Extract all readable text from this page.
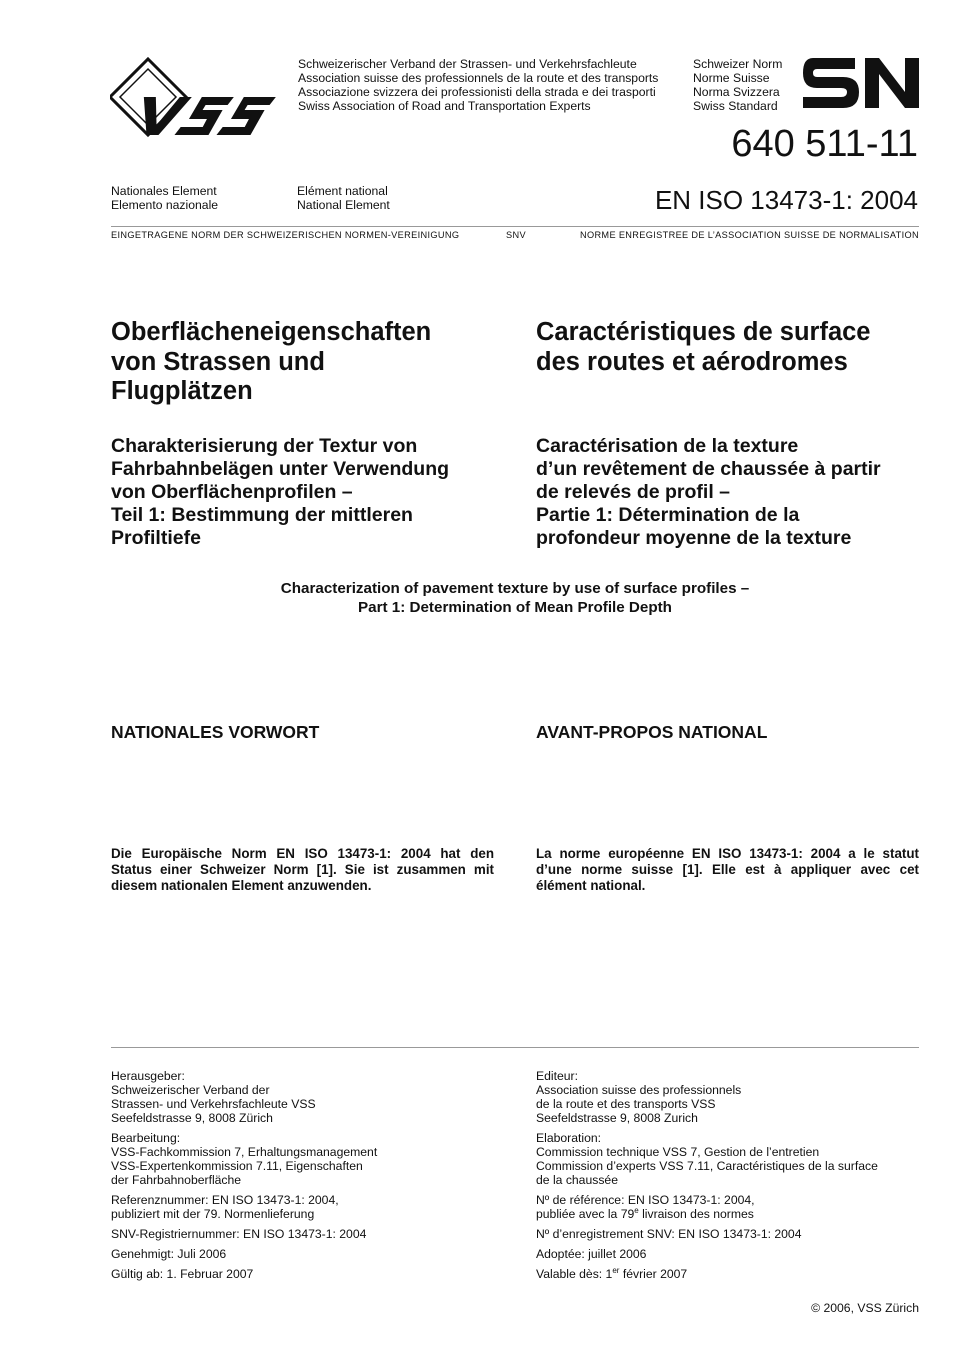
Schweizerischer Verband der Strassen- und Verkehrsfachleute
Association suisse des professionnels de la route et des transports
Associazione svizzera dei professionisti della strada e dei trasporti
Swiss Association of Road and Transportation Experts
Schweizer Norm
Norme Suisse
Norma Svizzera
Swiss Standard
640 511-11
Nationales Element
Elemento nazionale
Elément national
National Element	EN ISO 13473-1: 2004
EINGETRAGENE NORM DER SCHWEIZERISCHEN NORMEN-VEREINIGUNG	SNV	NORME ENREGISTREE DE L’ASSOCIATION SUISSE DE NORMALISATION
Oberflächeneigenschaften
von Strassen und
Flugplätzen
Caractéristiques de surface
des routes et aérodromes
Charakterisierung der Textur von
Fahrbahnbelägen unter Verwendung
von Oberflächenprofilen –
Teil 1: Bestimmung der mittleren
Profiltiefe
Caractérisation de la texture
d’un revêtement de chaussée à partir
de relevés de profil –
Partie 1: Détermination de la
profondeur moyenne de la texture
Characterization of pavement texture by use of surface profiles –
Part 1: Determination of Mean Profile Depth
NATIONALES VORWORT	AVANT-PROPOS NATIONAL
Die Europäische Norm EN ISO 13473-1: 2004 hat den
Status einer Schweizer Norm [1]. Sie ist zusammen mit
diesem nationalen Element anzuwenden.
La norme européenne EN ISO 13473-1: 2004 a le statut
d’une norme suisse [1]. Elle est à appliquer avec cet
élément national.
Herausgeber:
Schweizerischer Verband der
Strassen- und Verkehrsfachleute VSS
Seefeldstrasse 9, 8008 Zürich
Bearbeitung:
VSS-Fachkommission 7, Erhaltungsmanagement
VSS-Expertenkommission 7.11, Eigenschaften
der Fahrbahnoberfläche
Referenznummer: EN ISO 13473-1: 2004,
publiziert mit der 79. Normenlieferung
SNV-Registriernummer: EN ISO 13473-1: 2004
Genehmigt: Juli 2006
Gültig ab: 1. Februar 2007
Editeur:
Association suisse des professionnels
de la route et des transports VSS
Seefeldstrasse 9, 8008 Zurich
Elaboration:
Commission technique VSS 7, Gestion de l’entretien
Commission d’experts VSS 7.11, Caractéristiques de la surface
de la chaussée
Nº de référence: EN ISO 13473-1: 2004,
publiée avec la 79e livraison des normes
Nº d’enregistrement SNV: EN ISO 13473-1: 2004
Adoptée: juillet 2006
Valable dès: 1er février 2007
© 2006, VSS Zürich
